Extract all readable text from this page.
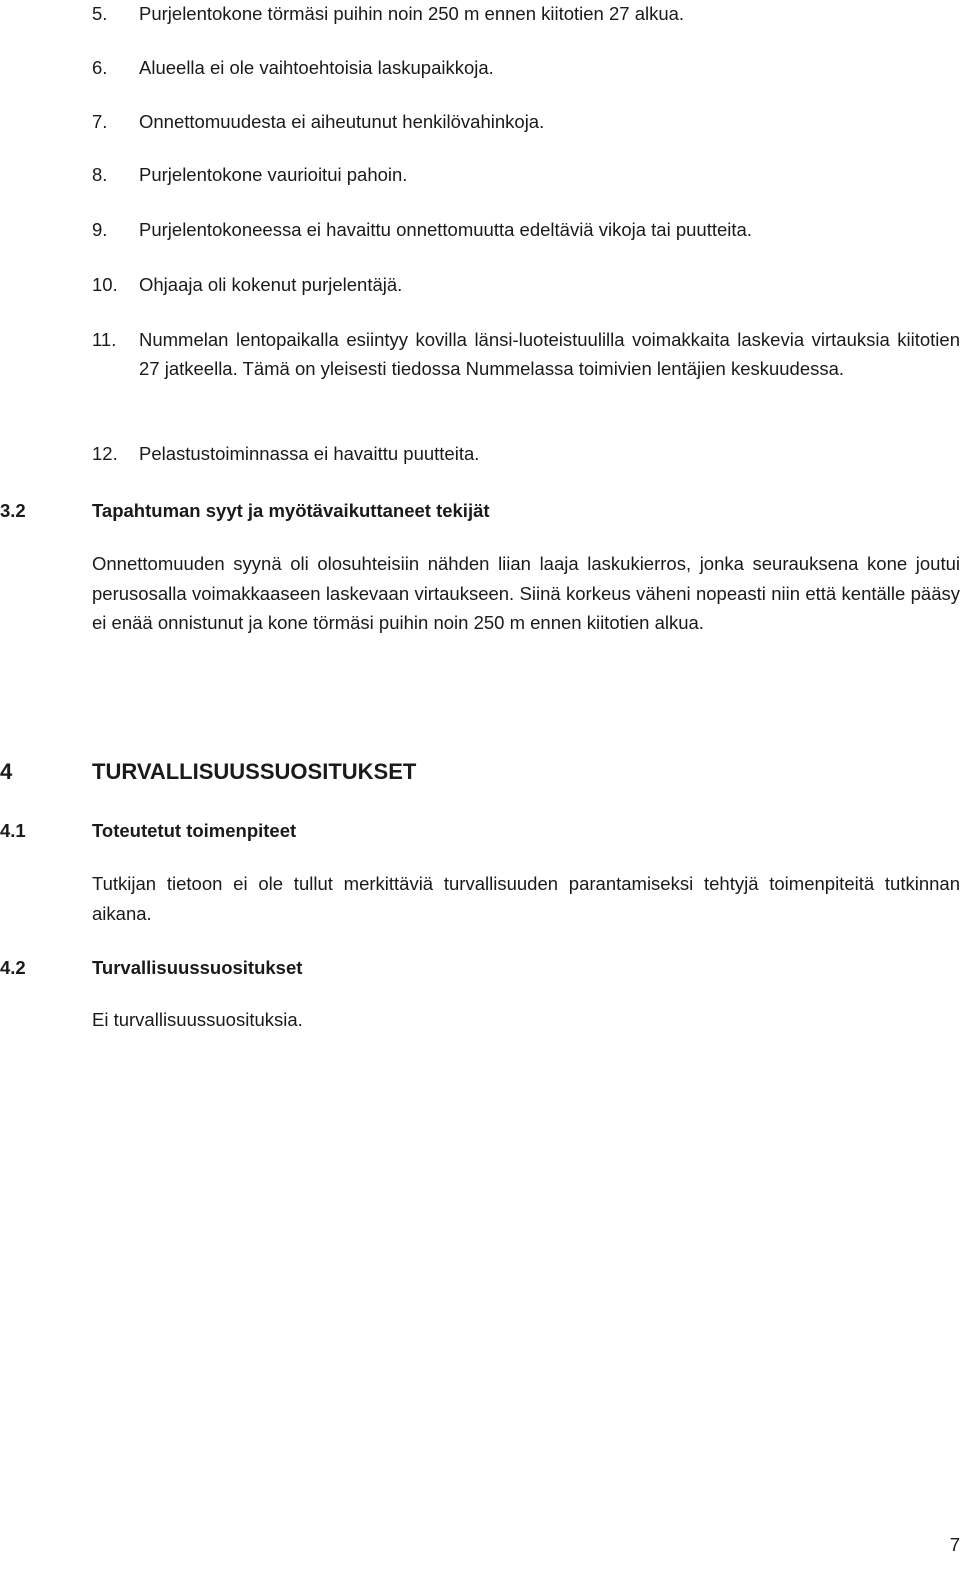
5. Purjelentokone törmäsi puihin noin 250 m ennen kiitotien 27 alkua.
6. Alueella ei ole vaihtoehtoisia laskupaikkoja.
7. Onnettomuudesta ei aiheutunut henkilövahinkoja.
8. Purjelentokone vaurioitui pahoin.
9. Purjelentokoneessa ei havaittu onnettomuutta edeltäviä vikoja tai puutteita.
10. Ohjaaja oli kokenut purjelentäjä.
11. Nummelan lentopaikalla esiintyy kovilla länsi-luoteistuulilla voimakkaita laskevia virtauksia kiitotien 27 jatkeella. Tämä on yleisesti tiedossa Nummelassa toimivien lentäjien keskuudessa.
12. Pelastustoiminnassa ei havaittu puutteita.
3.2	Tapahtuman syyt ja myötävaikuttaneet tekijät

Onnettomuuden syynä oli olosuhteisiin nähden liian laaja laskukierros, jonka seurauksena kone joutui perusosalla voimakkaaseen laskevaan virtaukseen. Siinä korkeus väheni nopeasti niin että kentälle pääsy ei enää onnistunut ja kone törmäsi puihin noin 250 m ennen kiitotien alkua.

4	TURVALLISUUSSUOSITUKSET
4.1	Toteutetut toimenpiteet

Tutkijan tietoon ei ole tullut merkittäviä turvallisuuden parantamiseksi tehtyjä toimenpiteitä tutkinnan aikana.

4.2	Turvallisuussuositukset

Ei turvallisuussuosituksia.

7
